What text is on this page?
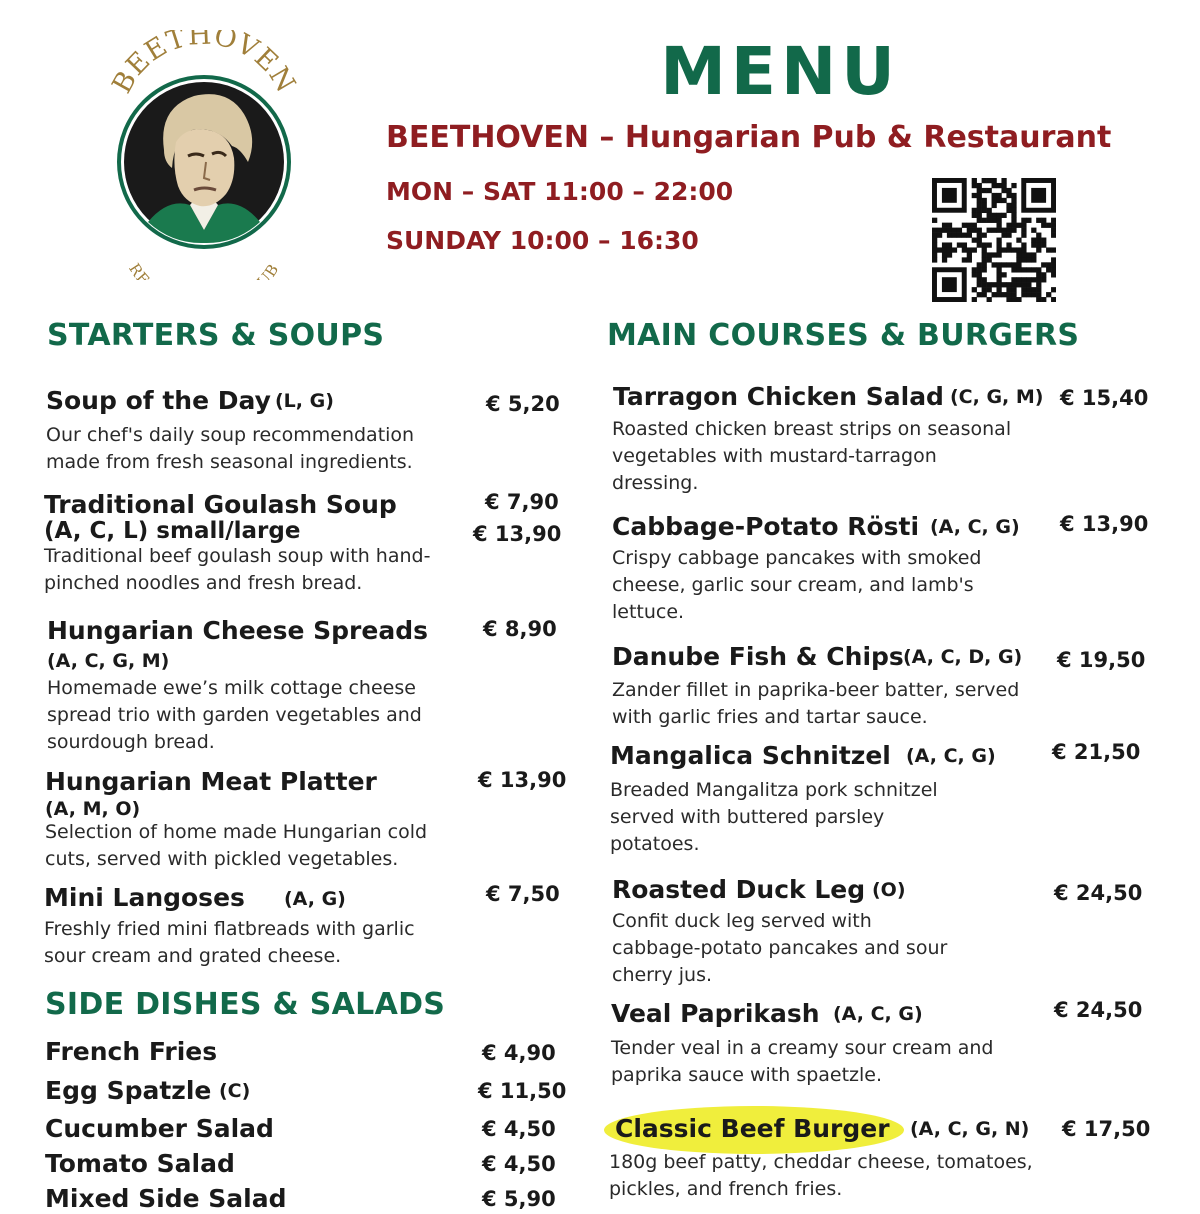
BEETHOVEN
RE UB
MENU
BEETHOVEN – Hungarian Pub & Restaurant
MON – SAT 11:00 – 22:00
SUNDAY 10:00 – 16:30
STARTERS & SOUPS
Soup of the Day (L, G)	€ 5,20
Our chef's daily soup recommendation
made from fresh seasonal ingredients.
Traditional Goulash Soup	€ 7,90
(A, C, L) small/large	€ 13,90
Traditional beef goulash soup with hand-
pinched noodles and fresh bread.
Hungarian Cheese Spreads	€ 8,90
(A, C, G, M)
Homemade ewe’s milk cottage cheese
spread trio with garden vegetables and
sourdough bread.
Hungarian Meat Platter	€ 13,90
(A, M, O)
Selection of home made Hungarian cold
cuts, served with pickled vegetables.
Mini Langoses (A, G)	€ 7,50
Freshly fried mini flatbreads with garlic
sour cream and grated cheese.
SIDE DISHES & SALADS
French Fries	€ 4,90
Egg Spatzle (C)	€ 11,50
Cucumber Salad	€ 4,50
Tomato Salad	€ 4,50
Mixed Side Salad	€ 5,90
MAIN COURSES & BURGERS
Tarragon Chicken Salad (C, G, M) € 15,40
Roasted chicken breast strips on seasonal
vegetables with mustard-tarragon
dressing.
Cabbage-Potato Rösti (A, C, G) € 13,90
Crispy cabbage pancakes with smoked
cheese, garlic sour cream, and lamb's
lettuce.
Danube Fish & Chips (A, C, D, G) € 19,50
Zander fillet in paprika-beer batter, served
with garlic fries and tartar sauce.
Mangalica Schnitzel (A, C, G)	€ 21,50
Breaded Mangalitza pork schnitzel
served with buttered parsley
potatoes.
Roasted Duck Leg (O)	€ 24,50
Confit duck leg served with
cabbage-potato pancakes and sour
cherry jus.
Veal Paprikash (A, C, G)	€ 24,50
Tender veal in a creamy sour cream and
paprika sauce with spaetzle.
Classic Beef Burger (A, C, G, N) € 17,50
180g beef patty, cheddar cheese, tomatoes,
pickles, and french fries.
